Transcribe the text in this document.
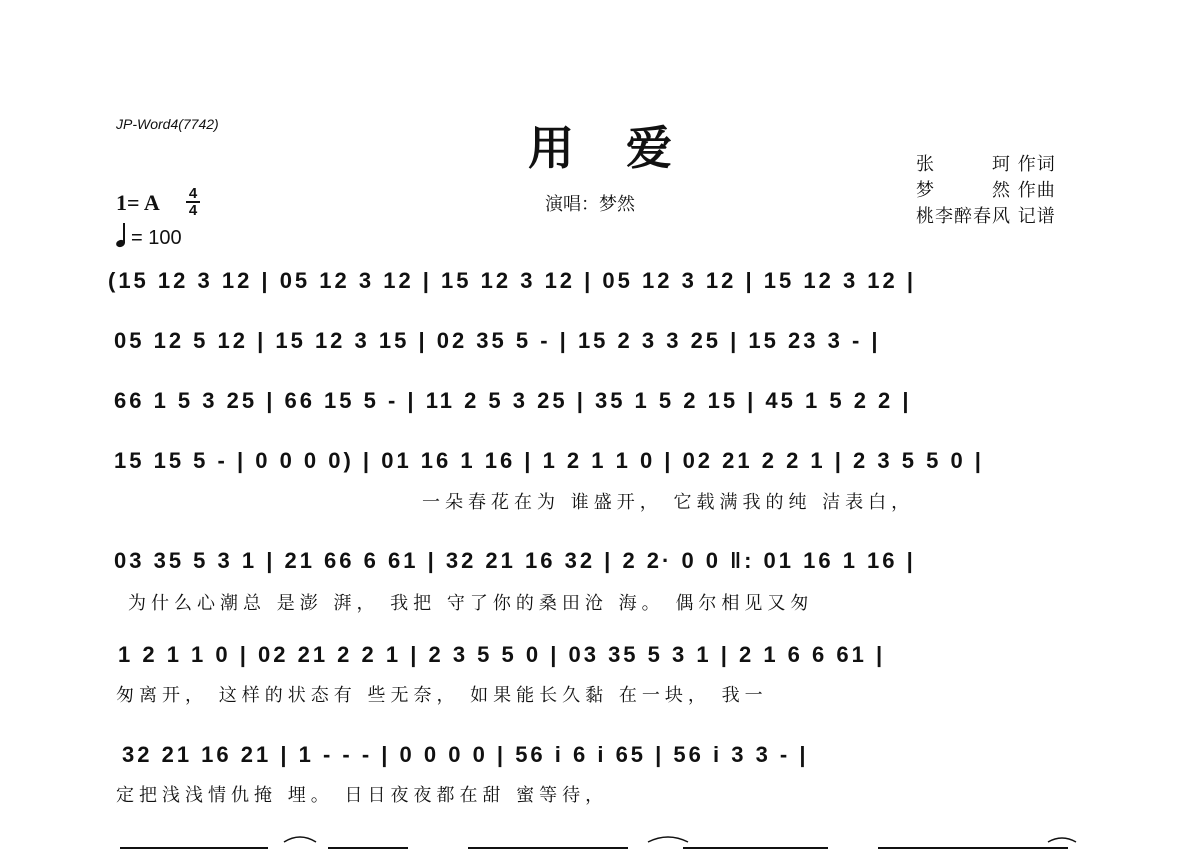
JP-Word4(7742)	用爱
演唱：梦然
张　　　珂 作词
梦　　　然 作曲
桃李醉春风 记谱
1= A 4
4
= 100
(15 12 3 12 | 05 12 3 12 | 15 12 3 12 | 05 12 3 12 | 15 12 3 12 |
05 12 5 12 | 15 12 3 15 | 02 35 5 - | 15 2 3 3 25 | 15 23 3 - |
66 1 5 3 25 | 66 15 5 - | 11 2 5 3 25 | 35 1 5 2 15 | 45 1 5 2 2 |
15 15 5 - | 0 0 0 0) | 01 16 1 16 | 1 2 1 1 0 | 02 21 2 2 1 | 2 3 5 5 0 |
一朵春花在为 谁盛开， 它载满我的纯 洁表白，
03 35 5 3 1 | 21 66 6 61 | 32 21 16 32 | 2 2· 0 0 ‖: 01 16 1 16 |
为什么心潮总 是澎 湃， 我把 守了你的桑田沧 海。 偶尔相见又匆
1 2 1 1 0 | 02 21 2 2 1 | 2 3 5 5 0 | 03 35 5 3 1 | 2 1 6 6 61 |
匆离开， 这样的状态有 些无奈， 如果能长久黏 在一块， 我一
32 21 16 21 | 1 - - - | 0 0 0 0 | 56 i 6 i 65 | 56 i 3 3 - |
定把浅浅情仇掩 埋。 日日夜夜都在甜 蜜等待，
